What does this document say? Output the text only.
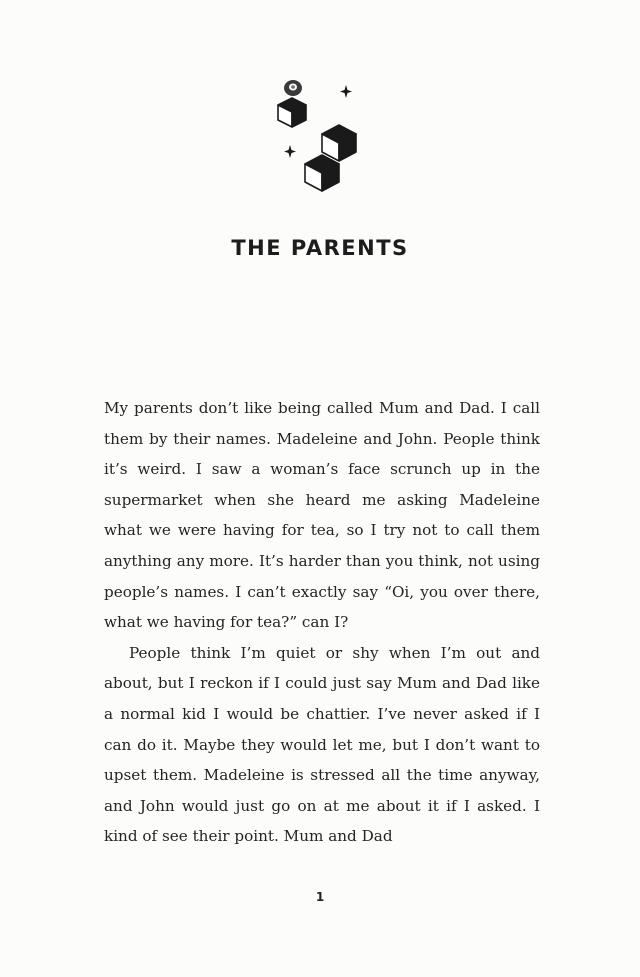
THE PARENTS

My parents don’t like being called Mum and Dad. I call them by their names. Madeleine and John. People think it’s weird. I saw a woman’s face scrunch up in the supermarket when she heard me asking Madeleine what we were having for tea, so I try not to call them anything any more. It’s harder than you think, not using people’s names. I can’t exactly say “Oi, you over there, what we having for tea?” can I?

People think I’m quiet or shy when I’m out and about, but I reckon if I could just say Mum and Dad like a normal kid I would be chattier. I’ve never asked if I can do it. Maybe they would let me, but I don’t want to upset them. Madeleine is stressed all the time anyway, and John would just go on at me about it if I asked. I kind of see their point. Mum and Dad

1
